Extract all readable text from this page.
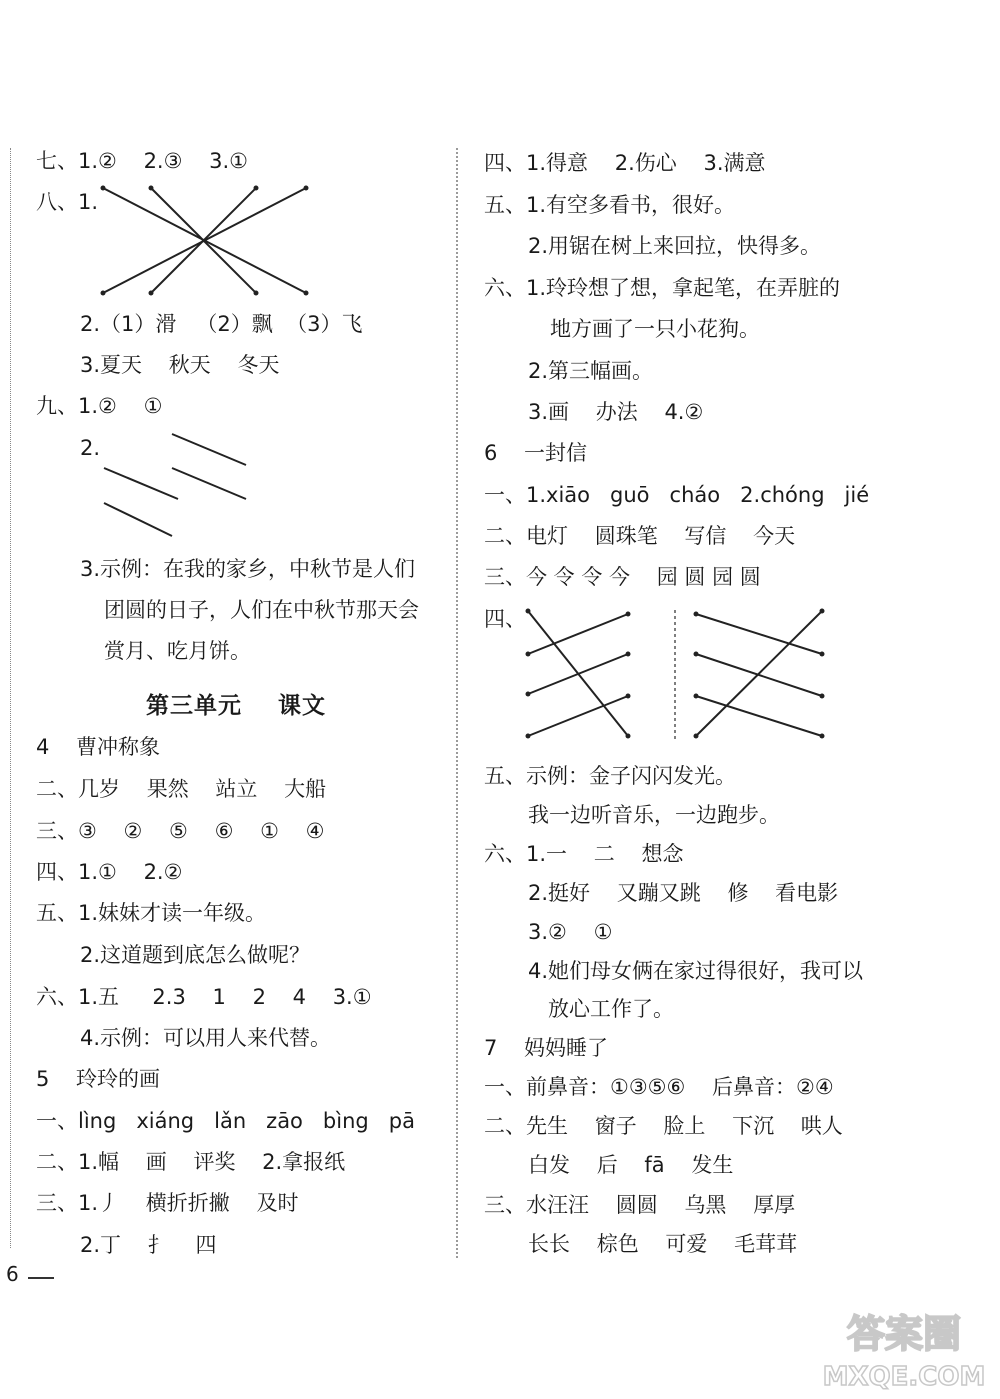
七、1.②    2.③    3.①
八、1.
2.（1）滑   （2）飘  （3）飞
3.夏天    秋天    冬天
九、1.②    ①
2.
3.示例：在我的家乡，中秋节是人们
团圆的日子，人们在中秋节那天会
赏月、吃月饼。
第三单元    课文
4    曹冲称象
二、几岁    果然    站立    大船
三、③    ②    ⑤    ⑥    ①    ④
四、1.①    2.②
五、1.妹妹才读一年级。
2.这道题到底怎么做呢？
六、1.五     2.3    1    2    4    3.①
4.示例：可以用人来代替。
5    玲玲的画
一、lìng   xiáng   lǎn   zāo   bìng   pā
二、1.幅    画    评奖    2.拿报纸
三、1.丿    横折折撇    及时
2.丁    扌    四
四、1.得意    2.伤心    3.满意
五、1.有空多看书，很好。
2.用锯在树上来回拉，快得多。
六、1.玲玲想了想，拿起笔，在弄脏的
地方画了一只小花狗。
2.第三幅画。
3.画    办法    4.②
6    一封信
一、1.xiāo   guō   cháo   2.chóng   jié
二、电灯    圆珠笔    写信    今天
三、今 令 令 今    园 圆 园 圆
四、
五、示例：金子闪闪发光。
我一边听音乐，一边跑步。
六、1.一    二    想念
2.挺好    又蹦又跳    修    看电影
3.②    ①
4.她们母女俩在家过得很好，我可以
放心工作了。
7    妈妈睡了
一、前鼻音：①③⑤⑥    后鼻音：②④
二、先生    窗子    脸上    下沉    哄人
白发    后    fā    发生
三、水汪汪    圆圆    乌黑    厚厚
长长    棕色    可爱    毛茸茸
6
答案圈
MXQE.COM
